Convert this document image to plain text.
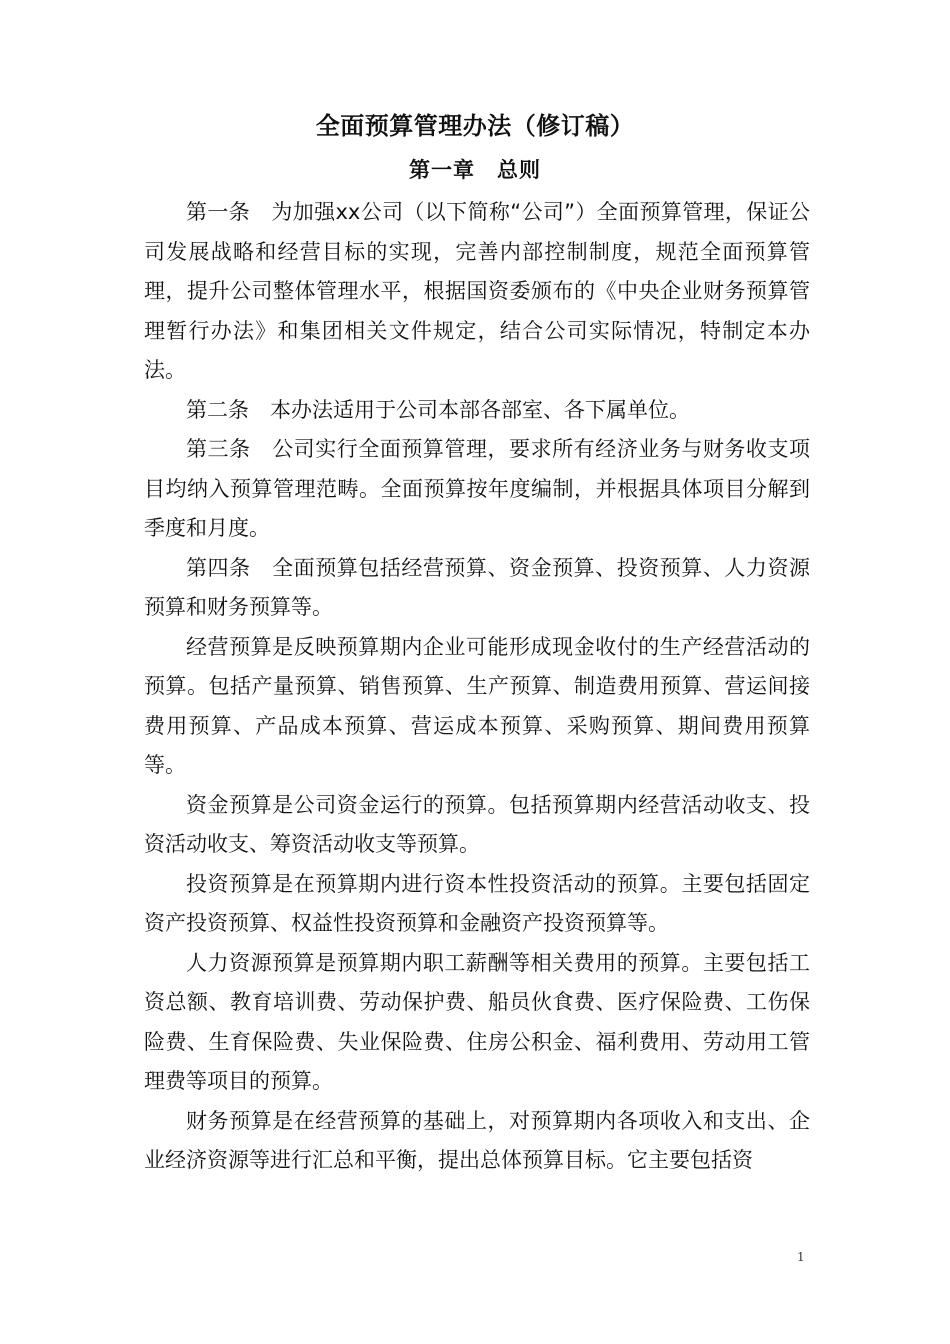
全面预算管理办法（修订稿）
第一章　总则

第一条　为加强xx公司（以下简称“公司”）全面预算管理，保证公司发展战略和经营目标的实现，完善内部控制制度，规范全面预算管理，提升公司整体管理水平，根据国资委颁布的《中央企业财务预算管理暂行办法》和集团相关文件规定，结合公司实际情况，特制定本办法。

第二条　本办法适用于公司本部各部室、各下属单位。

第三条　公司实行全面预算管理，要求所有经济业务与财务收支项目均纳入预算管理范畴。全面预算按年度编制，并根据具体项目分解到季度和月度。

第四条　全面预算包括经营预算、资金预算、投资预算、人力资源预算和财务预算等。

经营预算是反映预算期内企业可能形成现金收付的生产经营活动的预算。包括产量预算、销售预算、生产预算、制造费用预算、营运间接费用预算、产品成本预算、营运成本预算、采购预算、期间费用预算等。

资金预算是公司资金运行的预算。包括预算期内经营活动收支、投资活动收支、筹资活动收支等预算。

投资预算是在预算期内进行资本性投资活动的预算。主要包括固定资产投资预算、权益性投资预算和金融资产投资预算等。

人力资源预算是预算期内职工薪酬等相关费用的预算。主要包括工资总额、教育培训费、劳动保护费、船员伙食费、医疗保险费、工伤保险费、生育保险费、失业保险费、住房公积金、福利费用、劳动用工管理费等项目的预算。

财务预算是在经营预算的基础上，对预算期内各项收入和支出、企业经济资源等进行汇总和平衡，提出总体预算目标。它主要包括资

1
